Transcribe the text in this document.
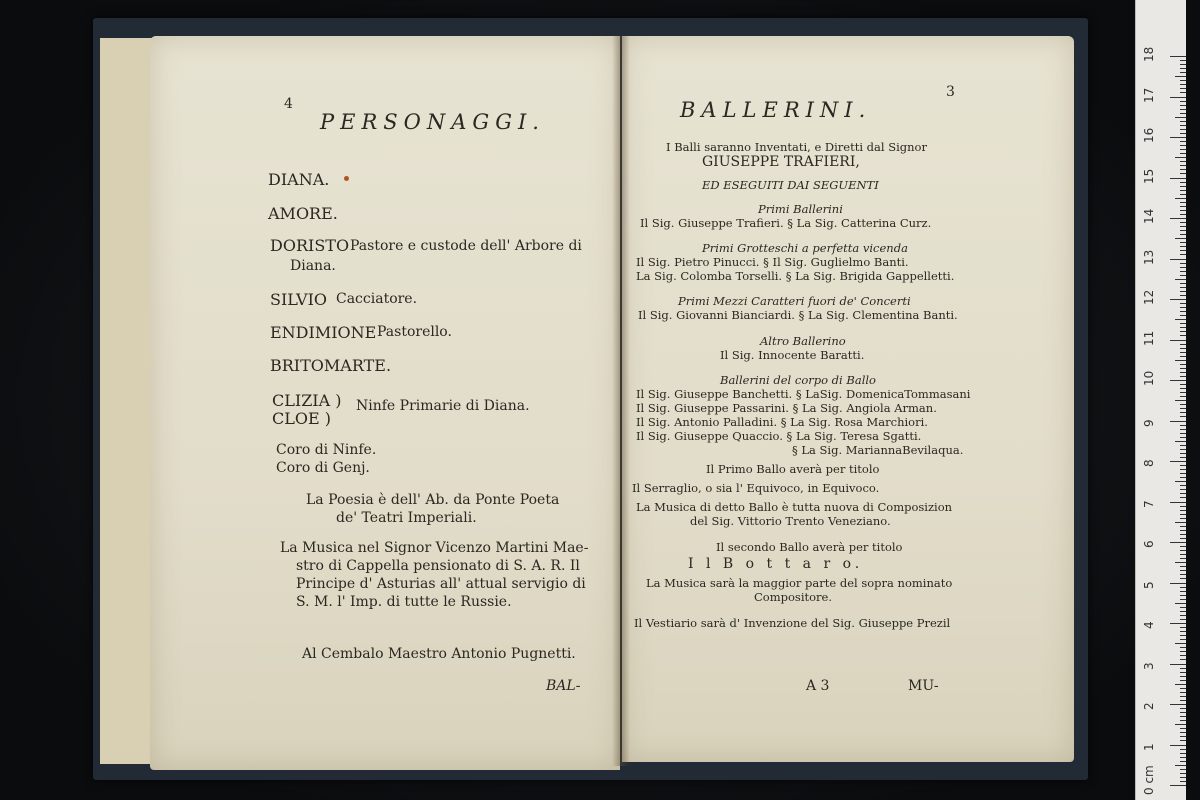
4
PERSONAGGI.
DIANA.
AMORE.
DORISTO Pastore e custode dell' Arbore di
Diana.
SILVIO Cacciatore.
ENDIMIONE Pastorello.
BRITOMARTE.
CLIZIA )
CLOE )
Ninfe Primarie di Diana.
Coro di Ninfe.
Coro di Genj.
La Poesia è dell' Ab. da Ponte Poeta
de' Teatri Imperiali.
La Musica nel Signor Vicenzo Martini Mae-
stro di Cappella pensionato di S. A. R. Il
Principe d' Asturias all' attual servigio di
S. M. l' Imp. di tutte le Russie.
Al Cembalo Maestro Antonio Pugnetti.
BAL-
3
BALLERINI.
I Balli saranno Inventati, e Diretti dal Signor
GIUSEPPE TRAFIERI,
ED ESEGUITI DAI SEGUENTI
Primi Ballerini
Il Sig. Giuseppe Trafieri. § La Sig. Catterina Curz.
Primi Grotteschi a perfetta vicenda
Il Sig. Pietro Pinucci. § Il Sig. Guglielmo Banti.
La Sig. Colomba Torselli. § La Sig. Brigida Gappelletti.
Primi Mezzi Caratteri fuori de' Concerti
Il Sig. Giovanni Bianciardi. § La Sig. Clementina Banti.
Altro Ballerino
Il Sig. Innocente Baratti.
Ballerini del corpo di Ballo
Il Sig. Giuseppe Banchetti. § LaSig. DomenicaTommasani
Il Sig. Giuseppe Passarini. § La Sig. Angiola Arman.
Il Sig. Antonio Palladini. § La Sig. Rosa Marchiori.
Il Sig. Giuseppe Quaccio. § La Sig. Teresa Sgatti.
§ La Sig. MariannaBevilaqua.
Il Primo Ballo averà per titolo
Il Serraglio, o sia l' Equivoco, in Equivoco.
La Musica di detto Ballo è tutta nuova di Composizion
del Sig. Vittorio Trento Veneziano.
Il secondo Ballo averà per titolo
I l B o t t a r o.
La Musica sarà la maggior parte del sopra nominato
Compositore.
Il Vestiario sarà d' Invenzione del Sig. Giuseppe Prezil
A 3	MU-
0 cm
1
2
3
4
5
6
7
8
9
10
11
12
13
14
15
16
17
18
